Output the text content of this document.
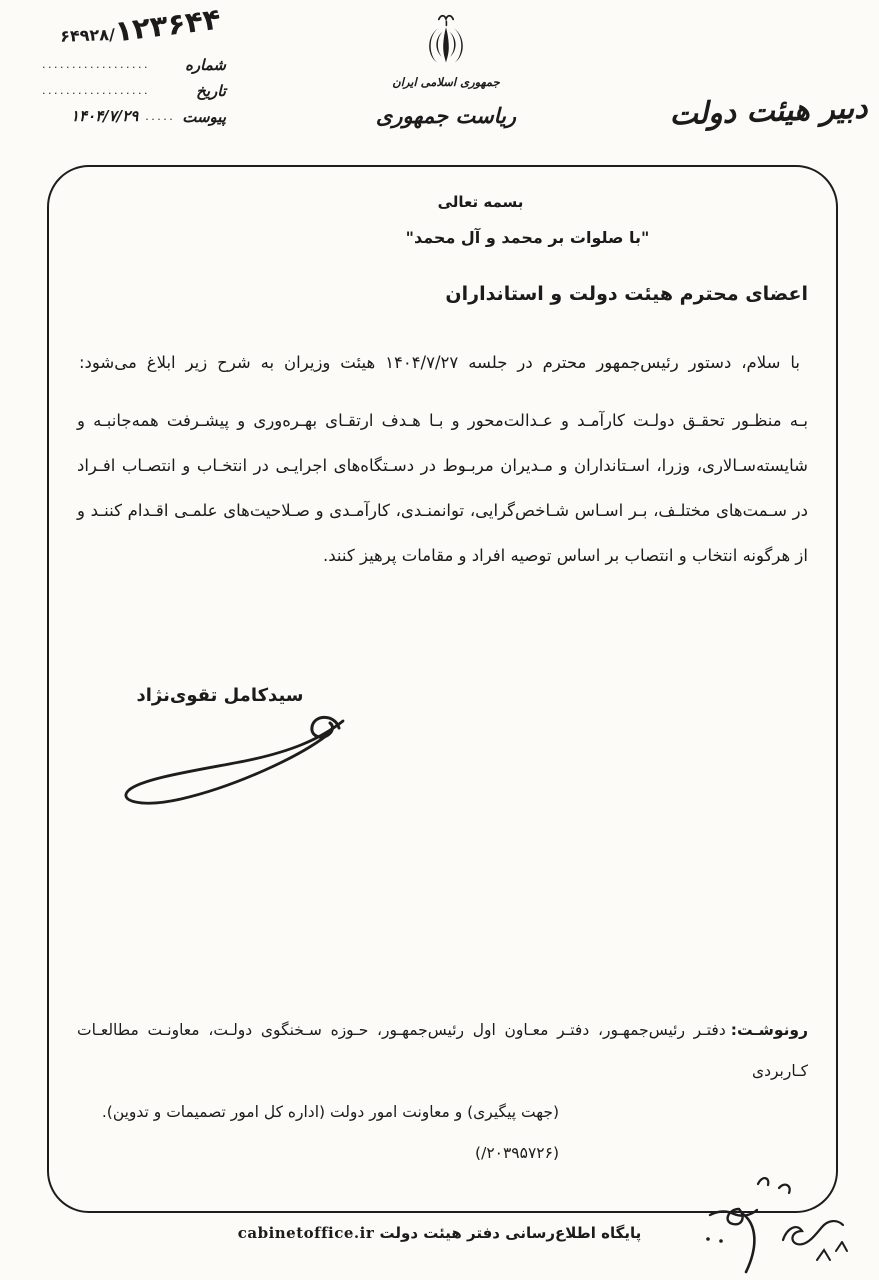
۶۴۹۲۸/۱۲۳۶۴۴
شماره
..................
تاریخ
..................
پیوست
.....
۱۴۰۴/۷/۲۹
جمهوری اسلامی ایران
ریاست جمهوری	دبیر هیئت دولت
بسمه تعالی
"با صلوات بر محمد و آل محمد"
اعضای محترم هیئت دولت و استانداران
با سلام، دستور رئیس‌جمهور محترم در جلسه ۱۴۰۴/۷/۲۷ هیئت وزیران به شرح زیر ابلاغ می‌شود:
بـه منظـور تحقـق دولـت کارآمـد و عـدالت‌محور و بـا هـدف ارتقـای بهـره‌وری و پیشـرفت همه‌جانبـه و
شایسته‌سـالاری، وزرا، اسـتانداران و مـدیران مربـوط در دسـتگاه‌های اجرایـی در انتخـاب و انتصـاب افـراد
در سـمت‌های مختلـف، بـر اسـاس شـاخص‌گرایی، توانمنـدی، کارآمـدی و صـلاحیت‌های علمـی اقـدام کننـد و
از هرگونه انتخاب و انتصاب بر اساس توصیه افراد و مقامات پرهیز کنند.
سیدکامل تقوی‌نژاد
رونوشـت:دفتـر رئیس‌جمهـور، دفتـر معـاون اول رئیس‌جمهـور، حـوزه سـخنگوی دولـت، معاونـت مطالعـات کـاربردی
(جهت پیگیری) و معاونت امور دولت (اداره کل امور تصمیمات و تدوین).(۲۰۳۹۵۷۲۶/)
پایگاه اطلاع‌رسانی دفتر هیئت دولت cabinetoffice.ir
